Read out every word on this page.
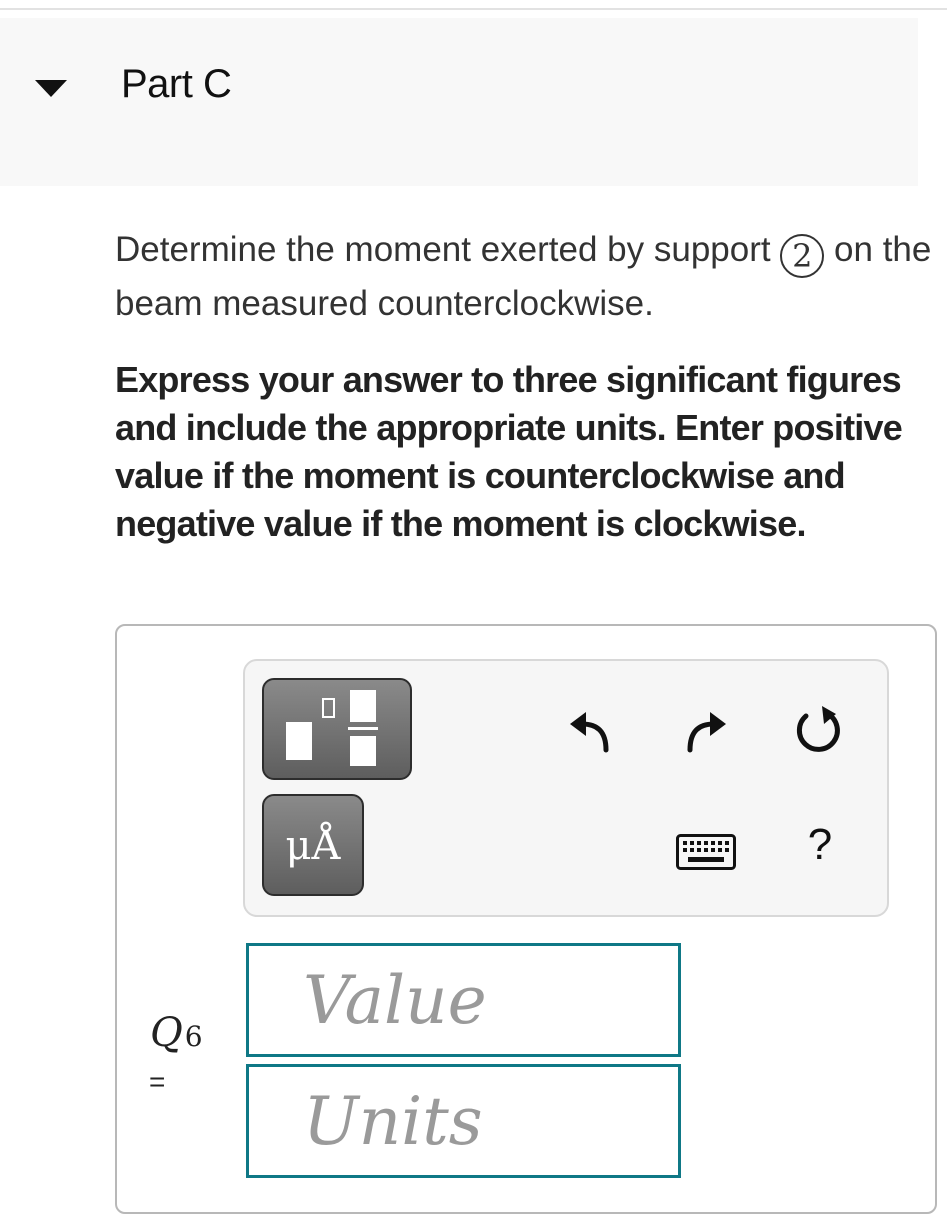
Part C
Determine the moment exerted by support 2 on the beam measured counterclockwise.
Express your answer to three significant figures and include the appropriate units. Enter positive value if the moment is counterclockwise and negative value if the moment is clockwise.
μÅ	?
Q6
=
Value
Units
